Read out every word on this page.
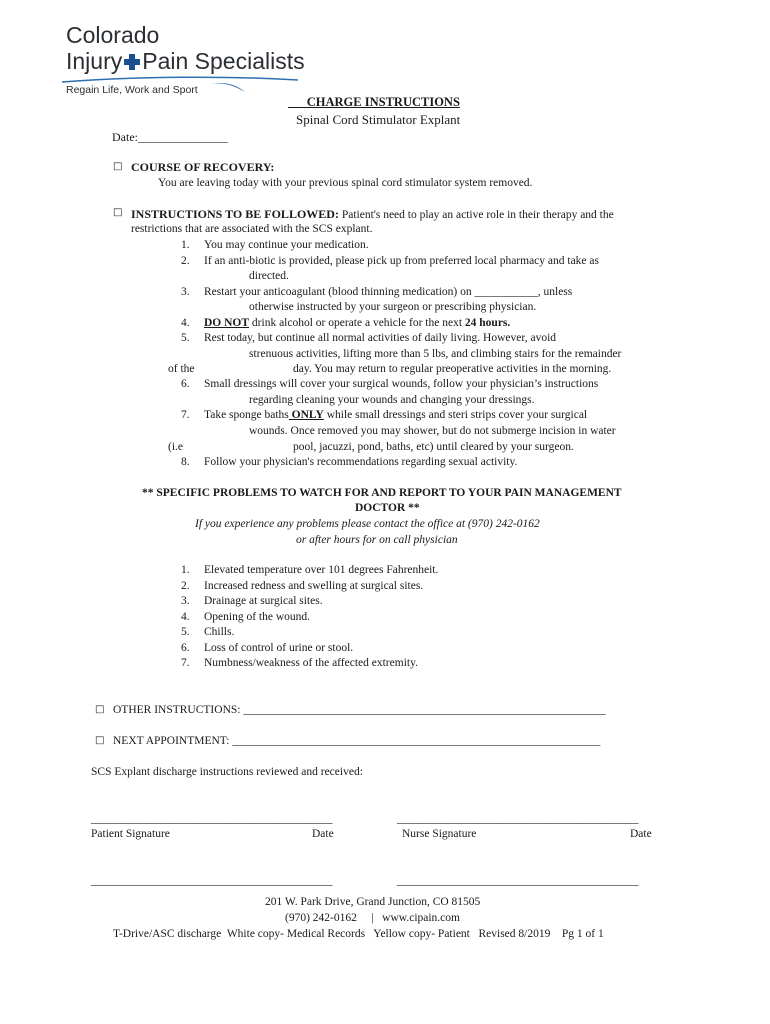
Colorado
Injury Pain Specialists
Regain Life, Work and Sport
CHARGE INSTRUCTIONS
Spinal Cord Stimulator Explant
Date:_______________
□ COURSE OF RECOVERY:
You are leaving today with your previous spinal cord stimulator system removed.
□ INSTRUCTIONS TO BE FOLLOWED: Patient's need to play an active role in their therapy and the
restrictions that are associated with the SCS explant.
1. You may continue your medication.
2. If an anti-biotic is provided, please pick up from preferred local pharmacy and take as
directed.
3. Restart your anticoagulant (blood thinning medication) on ___________, unless
otherwise instructed by your surgeon or prescribing physician.
4. DO NOT drink alcohol or operate a vehicle for the next 24 hours.
5. Rest today, but continue all normal activities of daily living. However, avoid
strenuous activities, lifting more than 5 lbs, and climbing stairs for the remainder
of the	day. You may return to regular preoperative activities in the morning.
6. Small dressings will cover your surgical wounds, follow your physician’s instructions
regarding cleaning your wounds and changing your dressings.
7. Take sponge baths ONLY while small dressings and steri strips cover your surgical
wounds. Once removed you may shower, but do not submerge incision in water
(i.e	pool, jacuzzi, pond, baths, etc) until cleared by your surgeon.
8. Follow your physician's recommendations regarding sexual activity.
** SPECIFIC PROBLEMS TO WATCH FOR AND REPORT TO YOUR PAIN MANAGEMENT
DOCTOR **
If you experience any problems please contact the office at (970) 242-0162
or after hours for on call physician
1. Elevated temperature over 101 degrees Fahrenheit.
2. Increased redness and swelling at surgical sites.
3. Drainage at surgical sites.
4. Opening of the wound.
5. Chills.
6. Loss of control of urine or stool.
7. Numbness/weakness of the affected extremity.
□ OTHER INSTRUCTIONS: _______________________________________________________________
□ NEXT APPOINTMENT: ________________________________________________________________
SCS Explant discharge instructions reviewed and received:
__________________________________________	__________________________________________
Patient Signature	Date	Nurse Signature	Date
__________________________________________	__________________________________________
201 W. Park Drive, Grand Junction, CO 81505
(970) 242-0162     |   www.cipain.com
T-Drive/ASC discharge  White copy- Medical Records   Yellow copy- Patient   Revised 8/2019    Pg 1 of 1
